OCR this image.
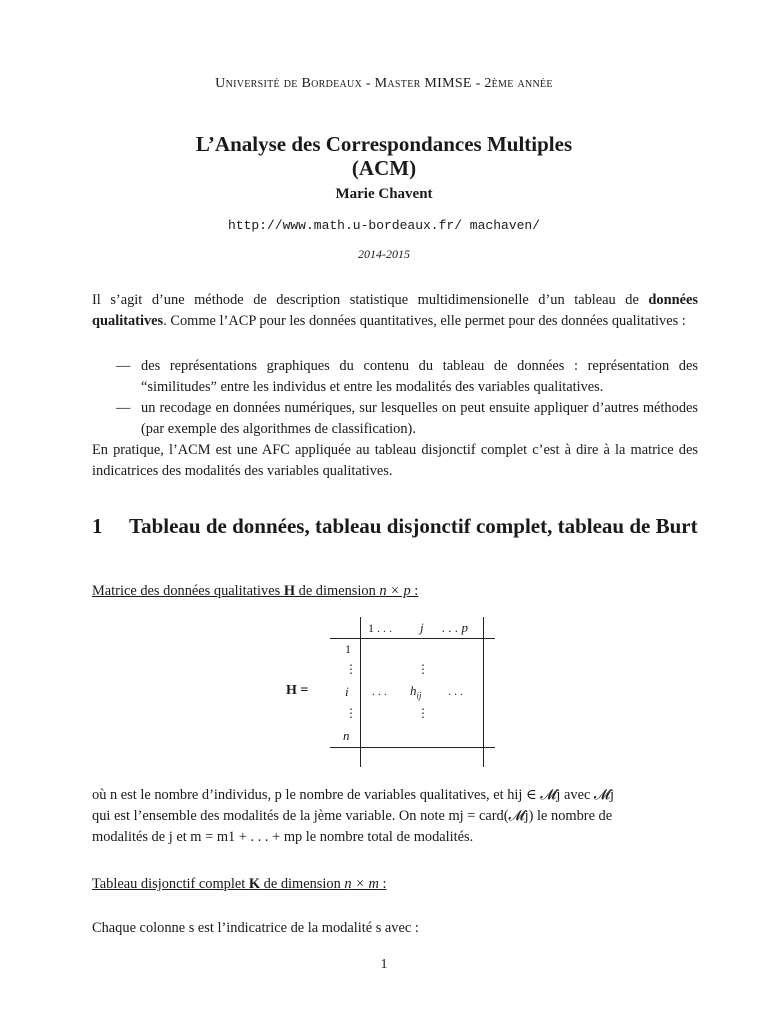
Université de Bordeaux - Master MIMSE - 2ème année
L’Analyse des Correspondances Multiples
(ACM)
Marie Chavent
http://www.math.u-bordeaux.fr/ machaven/
2014-2015
Il s’agit d’une méthode de description statistique multidimensionelle d’un tableau de données qualitatives. Comme l’ACP pour les données quantitatives, elle permet pour des données qualitatives :
— des représentations graphiques du contenu du tableau de données : représentation des “similitudes” entre les individus et entre les modalités des variables qualitatives.
— un recodage en données numériques, sur lesquelles on peut ensuite appliquer d’autres méthodes (par exemple des algorithmes de classification).
En pratique, l’ACM est une AFC appliquée au tableau disjonctif complet c’est à dire à la matrice des indicatrices des modalités des variables qualitatives.
1 Tableau de données, tableau disjonctif complet, tableau de Burt
Matrice des données qualitatives H de dimension n × p :
H =
1 . . . j . . . p
1
⋮
i
⋮
n
⋮
. . . $h_{ij}$ . . .
⋮
où n est le nombre d’individus, p le nombre de variables qualitatives, et hij ∈ 𝓜j avec 𝓜j
qui est l’ensemble des modalités de la jème variable. On note mj = card(𝓜j) le nombre de
modalités de j et m = m1 + . . . + mp le nombre total de modalités.
Tableau disjonctif complet K de dimension n × m :
Chaque colonne s est l’indicatrice de la modalité s avec :
1
